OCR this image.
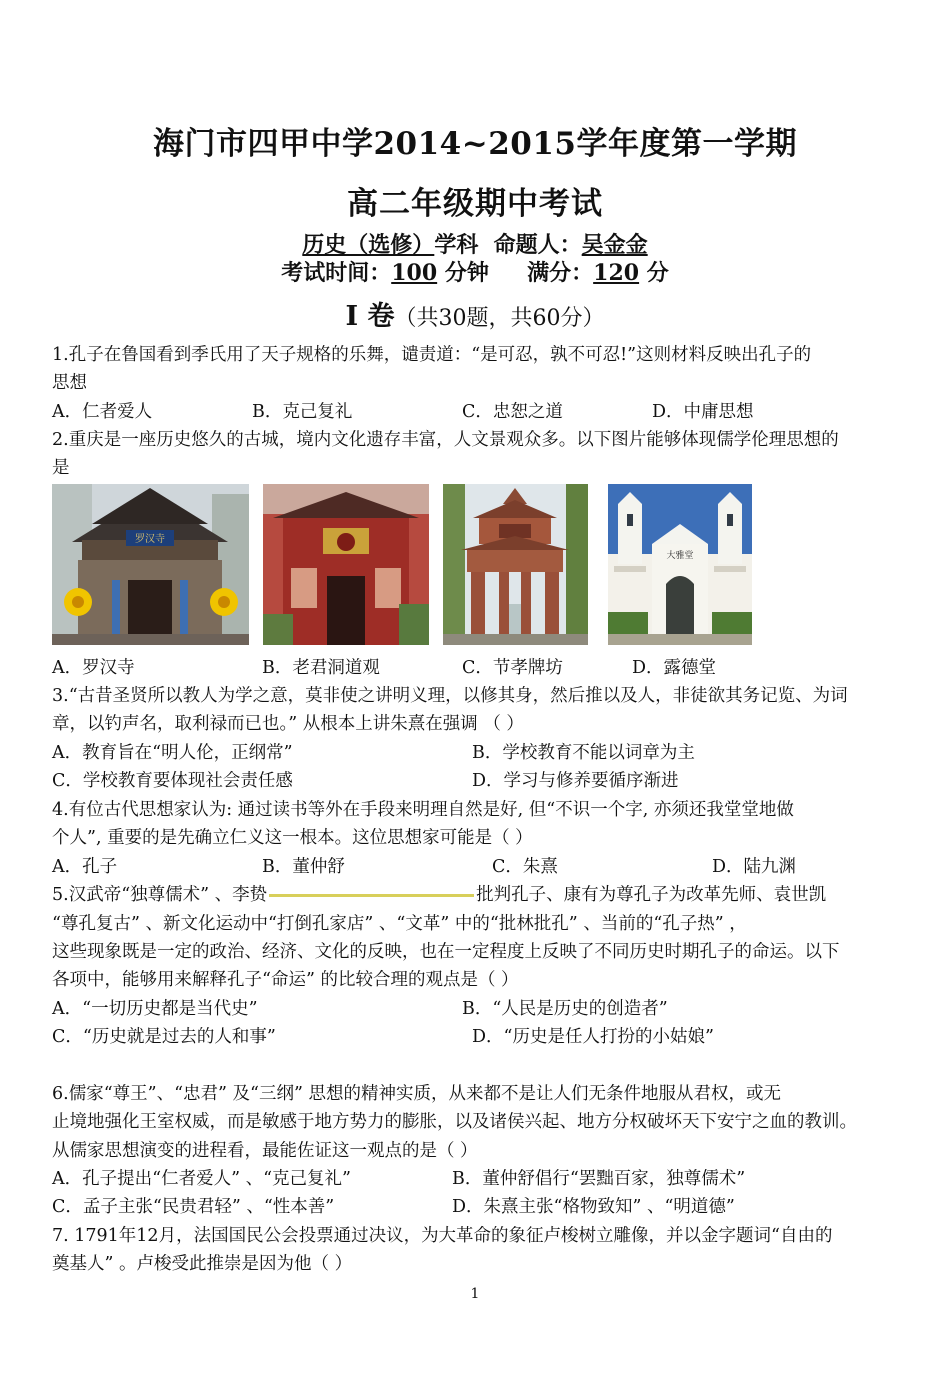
海门市四甲中学2014~2015学年度第一学期
高二年级期中考试
历史（选修）学科 命题人：吴金金
考试时间：100 分钟 满分：120 分
Ⅰ 卷（共30题，共60分）
1.孔子在鲁国看到季氏用了天子规格的乐舞，谴责道：“是可忍，孰不可忍!”这则材料反映出孔子的
思想
A．仁者爱人	B．克己复礼	C．忠恕之道	D．中庸思想
2.重庆是一座历史悠久的古城，境内文化遗存丰富，人文景观众多。以下图片能够体现儒学伦理思想的
是
罗汉寺
大雅堂
A．罗汉寺	B．老君洞道观	C．节孝牌坊	D．露德堂
3.“古昔圣贤所以教人为学之意，莫非使之讲明义理，以修其身，然后推以及人，非徒欲其务记览、为词
章，以钓声名，取利禄而已也。” 从根本上讲朱熹在强调 （ ）
A．教育旨在“明人伦，正纲常”	B．学校教育不能以词章为主
C．学校教育要体现社会责任感	D．学习与修养要循序渐进
4.有位古代思想家认为: 通过读书等外在手段来明理自然是好, 但“不识一个字, 亦须还我堂堂地做
个人”, 重要的是先确立仁义这一根本。这位思想家可能是（ ）
A．孔子	B．董仲舒	C．朱熹	D．陆九渊
5.汉武帝“独尊儒术” 、李贽	批判孔子、康有为尊孔子为改革先师、袁世凯
“尊孔复古” 、新文化运动中“打倒孔家店” 、“文革” 中的“批林批孔” 、当前的“孔子热” ，
这些现象既是一定的政治、经济、文化的反映，也在一定程度上反映了不同历史时期孔子的命运。以下
各项中，能够用来解释孔子“命运” 的比较合理的观点是（ ）
A．“一切历史都是当代史”	B．“人民是历史的创造者”
C．“历史就是过去的人和事”	D．“历史是任人打扮的小姑娘”
6.儒家“尊王”、“忠君” 及“三纲” 思想的精神实质，从来都不是让人们无条件地服从君权，或无
止境地强化王室权威，而是敏感于地方势力的膨胀，以及诸侯兴起、地方分权破坏天下安宁之血的教训。
从儒家思想演变的进程看，最能佐证这一观点的是（ ）
A．孔子提出“仁者爱人” 、“克己复礼”	B．董仲舒倡行“罢黜百家，独尊儒术”
C．孟子主张“民贵君轻” 、“性本善”	D．朱熹主张“格物致知” 、“明道德”
7. 1791年12月，法国国民公会投票通过决议，为大革命的象征卢梭树立雕像，并以金字题词“自由的
奠基人” 。卢梭受此推崇是因为他（ ）
1
